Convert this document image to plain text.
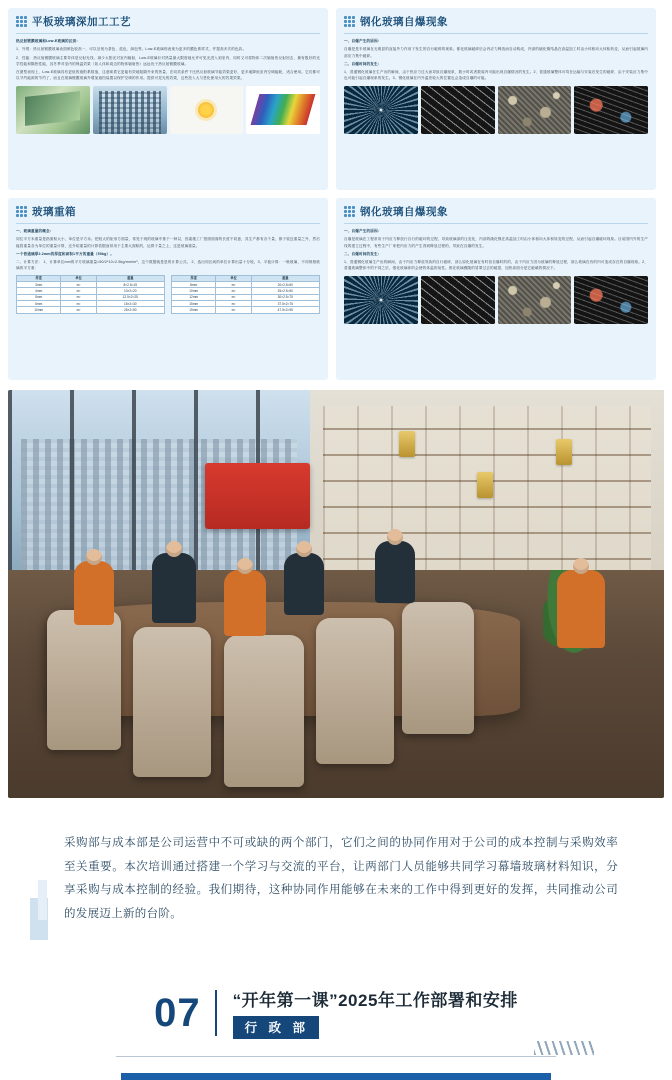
平板玻璃深加工工艺

热反射镀膜玻璃和Low-E玻璃的区别：

1、外观：热反射镀膜玻璃表面颜色较高一，可以呈现为茶色、蓝色、绿色等。Low-E玻璃则表现为更多的膜色系样式，并提高多次的色彩。

2、性能：热反射镀膜玻璃主要导体是反射光线，减少太阳光对室内辐射，Low-E玻璃针对热量最大限度地允许可见光进入到室内，同时又可将物体二次辐射热反射回去，兼有极好的光学性能和隔热性能，其冬季对室内的保温效果（如人体和周边的物体辐射热）远远优于热反射镀膜玻璃。

在窗型表现上，Low-E玻璃具有更低的遮阳系数值，这意味着它更能有效地阻隔外来的热量，在同类条件下比热反射玻璃节能效果更好，更多地降低室内空调能耗，适合使用。它们都可以节约能源的节约了，而且在玻璃镀膜玻璃外增加遮挡装置以保护空调的作用。提供可见光的效果，这些投入大与恶化使用大的效果效果。

钢化玻璃自爆现象

一、自爆产生的原因：

自爆是是半玻璃在无明显的直接外力作用下发生的自行破碎的现象。都化玻璃破碎后会内应力释放而自动构成，内部的硫化镍结晶在高温加工时由小体积向大体积转变，从而引起玻璃内部应力集中破碎。

二、自爆时间的发生：

1、普通钢化玻璃在生产出的瞬间，由于热应力过大而导致自爆现象，数小时或者数周内可能出现自爆情况的发生。2、普通玻璃整体可均在运输与安装后发生的破碎，由于安装应力集中也可能引起自爆现象的发生。3、钢化玻璃在内外温差较大的位置也会造成自爆的可能。

玻璃重箱

一、玻璃重量的概念：

同位平方米重量是指面积大小，单位是平方米。把较大的矩形方面量，常见于现的玻璃中基于一种以，因素施工厂按照面面的长度不同意，其生产都有各个量，都于较近重量之外，然后能将重量各为单位的重量计算，还介绍重量的计算依据而常用于主要大面积的，运算于量之上，这是玻璃重量。

一个普通璃厚2.2mm的厚度和面积1平方的重量（50kg）。

二、计算方法： 1、计算单位mm的平方玻璃重量=50/2*10=2.5kg/mm/m²，这个数据就是是的计算公式。 2、选出同区间的单位计算出量十分较，3、平板计算：一般玻璃，不同规格玻璃的平方重：

厚度	单位	重量
3mm	m²	8×2.5=15
4mm	m²	10×2=20
5mm	m²	12.5×2=25
6mm	m²	15×2=30
10mm	m²	25×2=50
厚度	单位	重量
8mm	m²	20×2.5=50
10mm	m²	25×2.5=50
12mm	m²	30×2.5=75
15mm	m²	37.5×2=75
19mm	m²	47.5×2=95
钢化玻璃自爆现象

一、自爆产生的原因：

自爆是玻璃在工程常用于内应力释放行自行的破坏的过程，导致玻璃部的压变化，内部的硫化镍在高温加工时由小体积向大体积转变的过程，从而引起自爆破坏现象。目前国内外的生产线的建立过程中，有些生产厂家把内应力的产生得到释放过程的，导致在自爆的发生。

二、自爆时间的发生：

1、普通钢化玻璃生产出的瞬间，由于内应力释放导致的自行破碎，部么原化玻璃在有时但自爆时的的，由于内应力因为玻璃的释放过程，那么玻璃在有的内可造成存在的自爆现象。2、普通玻璃整体中的不同之后，强化玻璃体的会使的体温的低性。都在玻璃骤随的冒罩过去的破损，加热高面分是它破壊的情况下。

采购部与成本部是公司运营中不可或缺的两个部门，它们之间的协同作用对于公司的成本控制与采购效率至关重要。本次培训通过搭建一个学习与交流的平台，让两部门人员能够共同学习幕墙玻璃材料知识，分享采购与成本控制的经验。我们期待，这种协同作用能够在未来的工作中得到更好的发挥，共同推动公司的发展迈上新的台阶。
07 “开年第一课”2025年工作部署和安排
行 政 部
